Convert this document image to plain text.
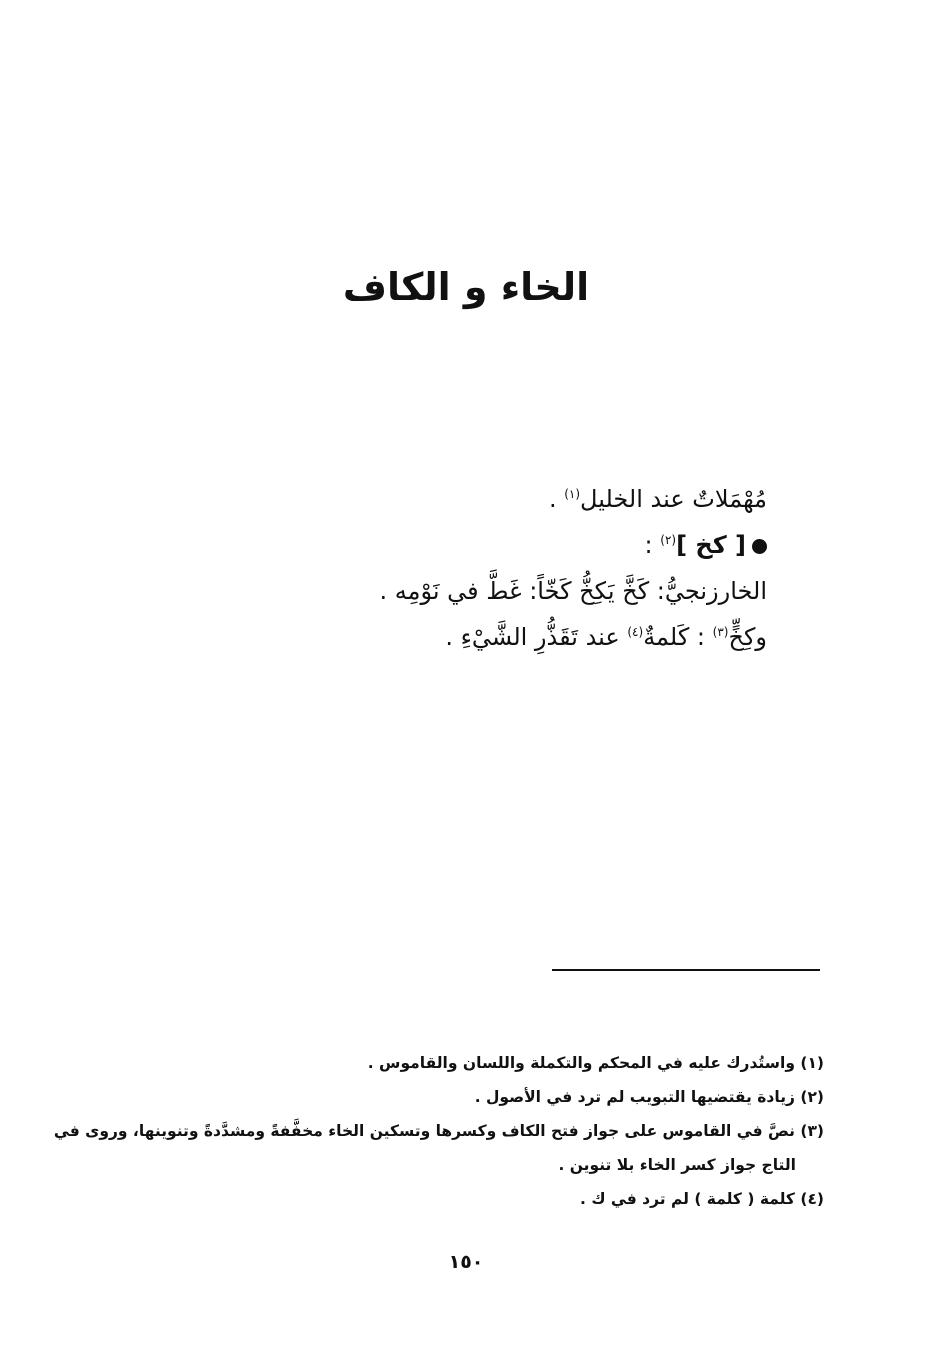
الخاء و الكاف
مُهْمَلاتٌ عند الخليل$^{(١)}$ .
[ كخ ]$^{(٢)}$ :
الخارزنجيُّ: كَخَّ يَكِخُّ كَخّاً: غَطَّ في نَوْمِه .
وكِخٍّ$^{(٣)}$ : كَلمةٌ$^{(٤)}$ عند تَقَذُّرِ الشَّيْءِ .
(١) واستُدرك عليه في المحكم والتكملة واللسان والقاموس .
(٢) زيادة يقتضيها التبويب لم ترد في الأصول .
(٣) نصَّ في القاموس على جواز فتح الكاف وكسرها وتسكين الخاء مخفَّفةً ومشدَّدةً وتنوينها، وروى في
التاج جواز كسر الخاء بلا تنوين .
(٤) كلمة ( كلمة ) لم ترد في ك .
١٥٠
